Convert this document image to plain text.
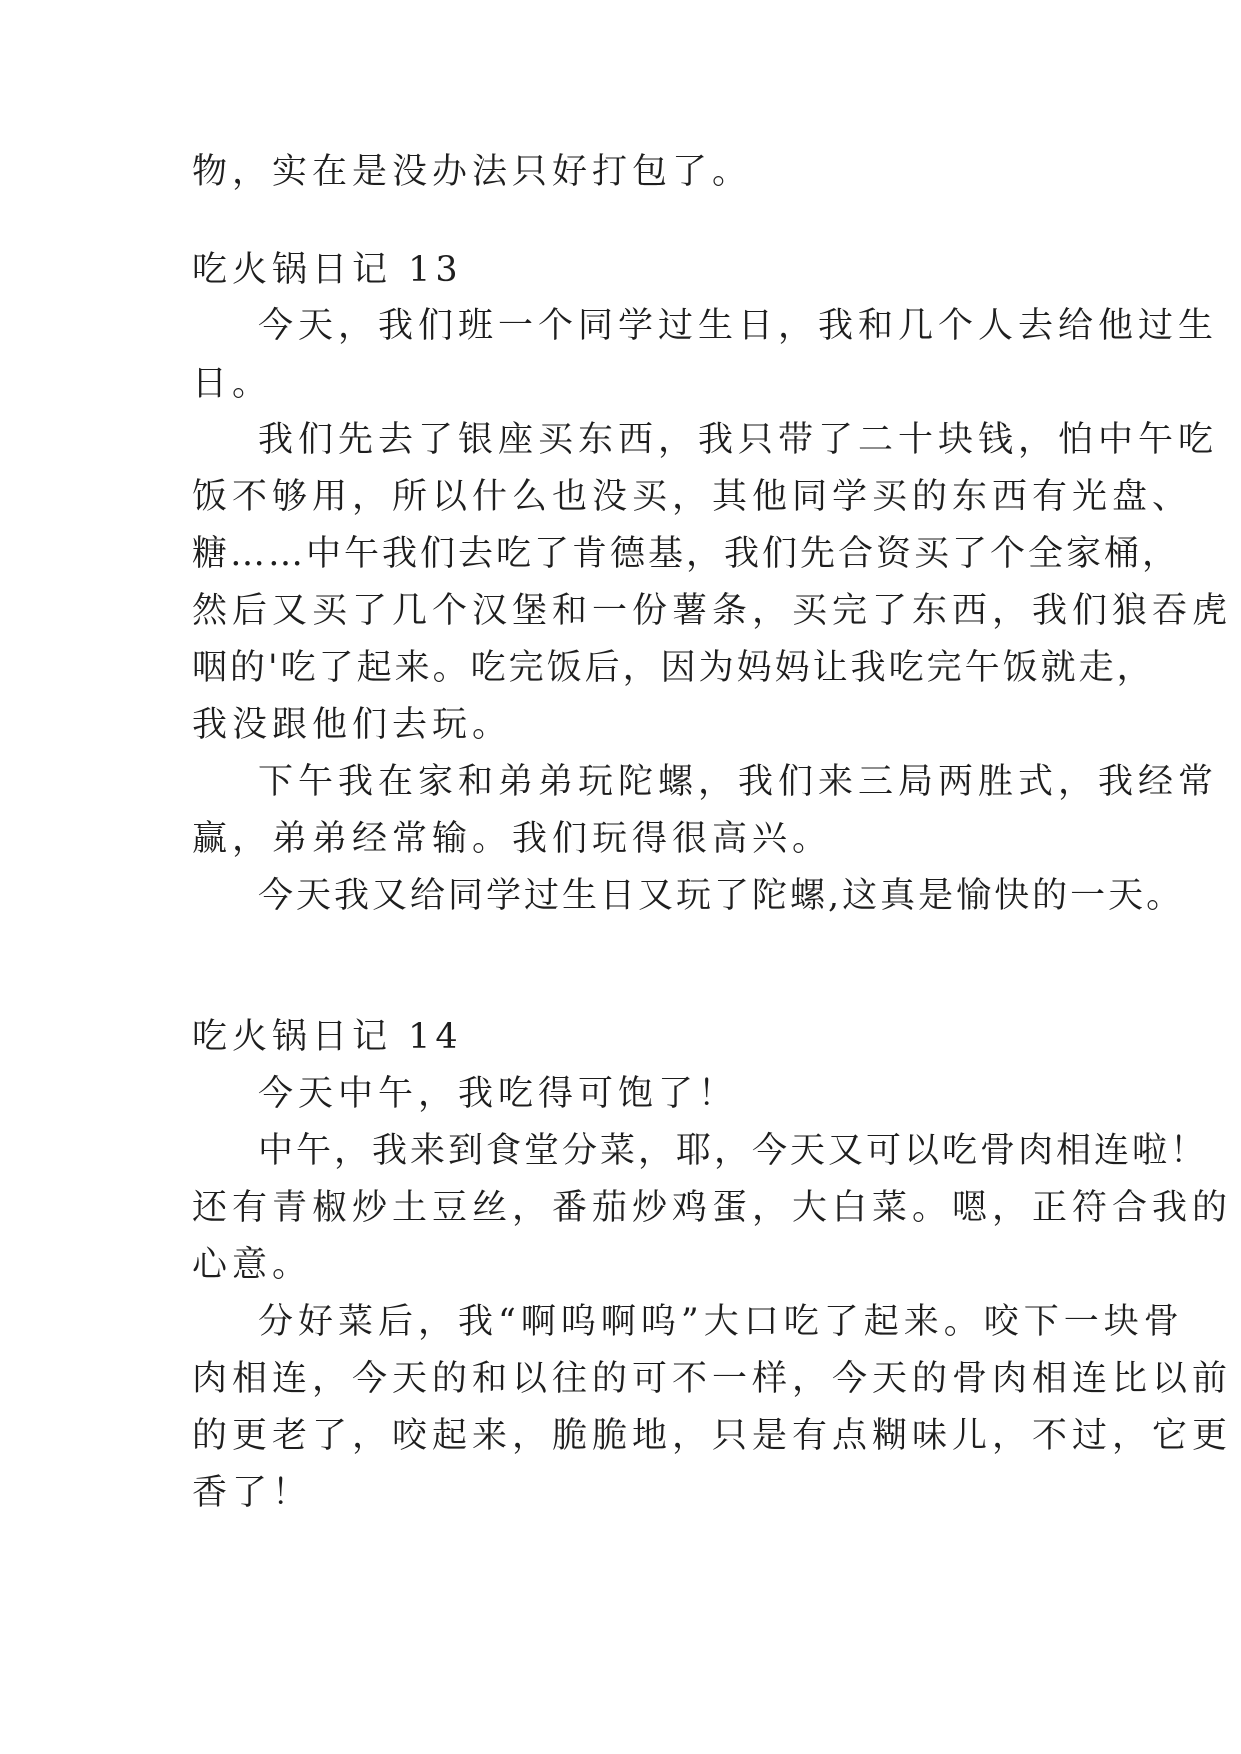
物，实在是没办法只好打包了。
吃火锅日记 13
今天，我们班一个同学过生日，我和几个人去给他过生
日。
我们先去了银座买东西，我只带了二十块钱，怕中午吃
饭不够用，所以什么也没买，其他同学买的东西有光盘、
糖……中午我们去吃了肯德基，我们先合资买了个全家桶，
然后又买了几个汉堡和一份薯条，买完了东西，我们狼吞虎
咽的'吃了起来。吃完饭后，因为妈妈让我吃完午饭就走，
我没跟他们去玩。
下午我在家和弟弟玩陀螺，我们来三局两胜式，我经常
赢，弟弟经常输。我们玩得很高兴。
今天我又给同学过生日又玩了陀螺,这真是愉快的一天。
吃火锅日记 14
今天中午，我吃得可饱了！
中午，我来到食堂分菜，耶，今天又可以吃骨肉相连啦！
还有青椒炒土豆丝，番茄炒鸡蛋，大白菜。嗯，正符合我的
心意。
分好菜后，我“啊呜啊呜”大口吃了起来。咬下一块骨
肉相连，今天的和以往的可不一样，今天的骨肉相连比以前
的更老了，咬起来，脆脆地，只是有点糊味儿，不过，它更
香了！
